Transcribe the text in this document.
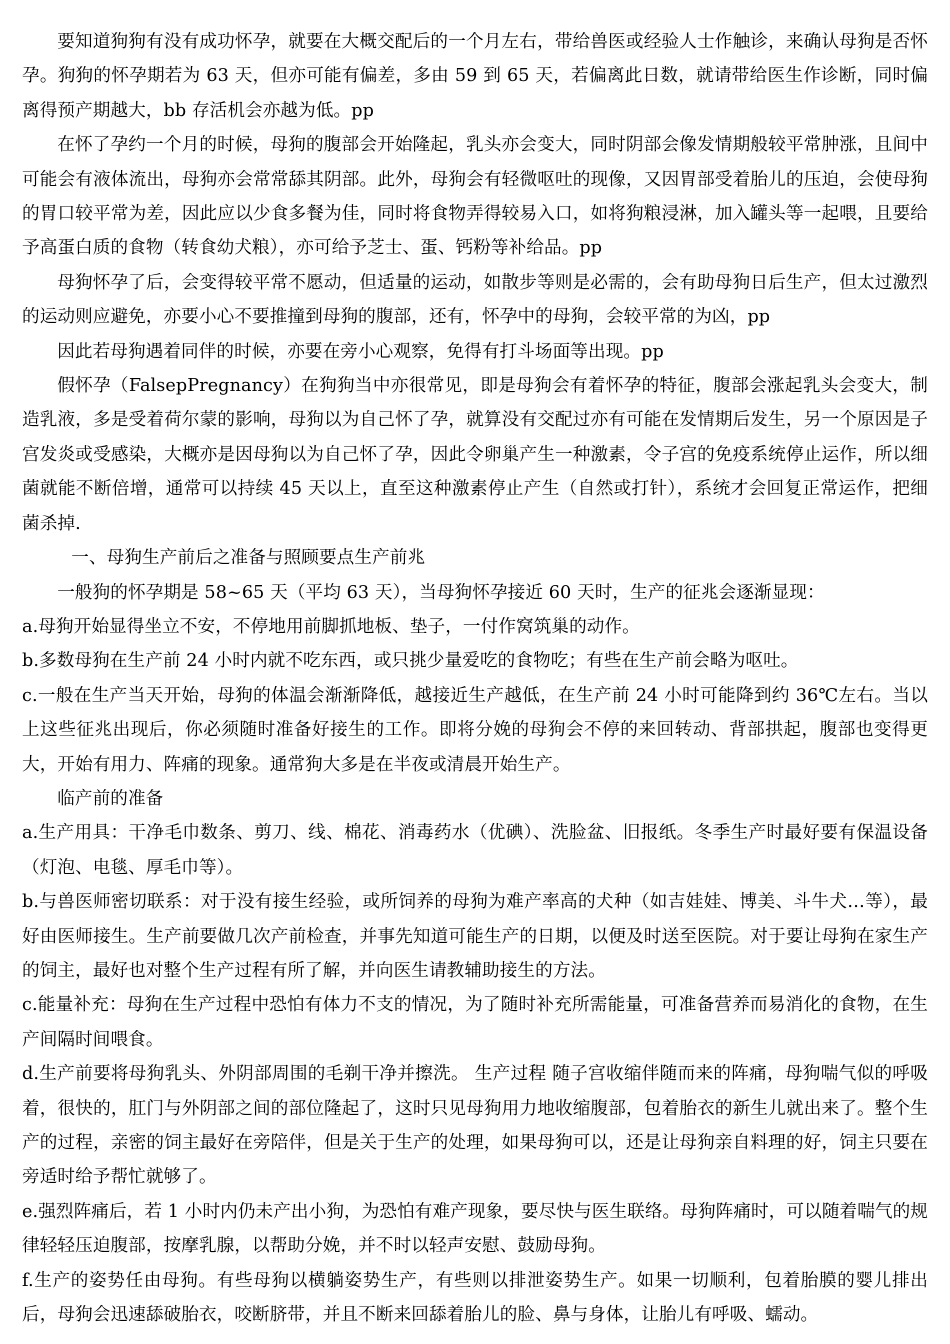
要知道狗狗有没有成功怀孕，就要在大概交配后的一个月左右，带给兽医或经验人士作触诊，来确认母狗是否怀孕。狗狗的怀孕期若为 63 天，但亦可能有偏差，多由 59 到 65 天，若偏离此日数，就请带给医生作诊断，同时偏离得预产期越大，bb 存活机会亦越为低。pp

在怀了孕约一个月的时候，母狗的腹部会开始隆起，乳头亦会变大，同时阴部会像发情期般较平常肿涨，且间中可能会有液体流出，母狗亦会常常舔其阴部。此外，母狗会有轻微呕吐的现像，又因胃部受着胎儿的压迫，会使母狗的胃口较平常为差，因此应以少食多餐为佳，同时将食物弄得较易入口，如将狗粮浸淋，加入罐头等一起喂，且要给予高蛋白质的食物（转食幼犬粮），亦可给予芝士、蛋、钙粉等补给品。pp

母狗怀孕了后，会变得较平常不愿动，但适量的运动，如散步等则是必需的，会有助母狗日后生产，但太过激烈的运动则应避免，亦要小心不要推撞到母狗的腹部，还有，怀孕中的母狗，会较平常的为凶，pp

因此若母狗遇着同伴的时候，亦要在旁小心观察，免得有打斗场面等出现。pp

假怀孕（FalsepPregnancy）在狗狗当中亦很常见，即是母狗会有着怀孕的特征，腹部会涨起乳头会变大，制造乳液，多是受着荷尔蒙的影响，母狗以为自己怀了孕，就算没有交配过亦有可能在发情期后发生，另一个原因是子宫发炎或受感染，大概亦是因母狗以为自己怀了孕，因此令卵巢产生一种激素，令子宫的免疫系统停止运作，所以细菌就能不断倍增，通常可以持续 45 天以上，直至这种激素停止产生（自然或打针），系统才会回复正常运作，把细菌杀掉.

一、母狗生产前后之准备与照顾要点生产前兆

一般狗的怀孕期是 58~65 天（平均 63 天），当母狗怀孕接近 60 天时，生产的征兆会逐渐显现：

a.母狗开始显得坐立不安，不停地用前脚抓地板、垫子，一付作窝筑巢的动作。

b.多数母狗在生产前 24 小时内就不吃东西，或只挑少量爱吃的食物吃；有些在生产前会略为呕吐。

c.一般在生产当天开始，母狗的体温会渐渐降低，越接近生产越低，在生产前 24 小时可能降到约 36℃左右。当以上这些征兆出现后，你必须随时准备好接生的工作。即将分娩的母狗会不停的来回转动、背部拱起，腹部也变得更大，开始有用力、阵痛的现象。通常狗大多是在半夜或清晨开始生产。

临产前的准备

a.生产用具：干净毛巾数条、剪刀、线、棉花、消毒药水（优碘）、洗脸盆、旧报纸。冬季生产时最好要有保温设备（灯泡、电毯、厚毛巾等）。

b.与兽医师密切联系：对于没有接生经验，或所饲养的母狗为难产率高的犬种（如吉娃娃、博美、斗牛犬…等），最好由医师接生。生产前要做几次产前检查，并事先知道可能生产的日期，以便及时送至医院。对于要让母狗在家生产的饲主，最好也对整个生产过程有所了解，并向医生请教辅助接生的方法。

c.能量补充：母狗在生产过程中恐怕有体力不支的情况，为了随时补充所需能量，可准备营养而易消化的食物，在生产间隔时间喂食。

d.生产前要将母狗乳头、外阴部周围的毛剃干净并擦洗。 生产过程 随子宫收缩伴随而来的阵痛，母狗喘气似的呼吸着，很快的，肛门与外阴部之间的部位隆起了，这时只见母狗用力地收缩腹部，包着胎衣的新生儿就出来了。整个生产的过程，亲密的饲主最好在旁陪伴，但是关于生产的处理，如果母狗可以，还是让母狗亲自料理的好，饲主只要在旁适时给予帮忙就够了。

e.强烈阵痛后，若 1 小时内仍未产出小狗，为恐怕有难产现象，要尽快与医生联络。母狗阵痛时，可以随着喘气的规律轻轻压迫腹部，按摩乳腺，以帮助分娩，并不时以轻声安慰、鼓励母狗。

f.生产的姿势任由母狗。有些母狗以横躺姿势生产，有些则以排泄姿势生产。如果一切顺利，包着胎膜的婴儿排出后，母狗会迅速舔破胎衣，咬断脐带，并且不断来回舔着胎儿的脸、鼻与身体，让胎儿有呼吸、蠕动。
